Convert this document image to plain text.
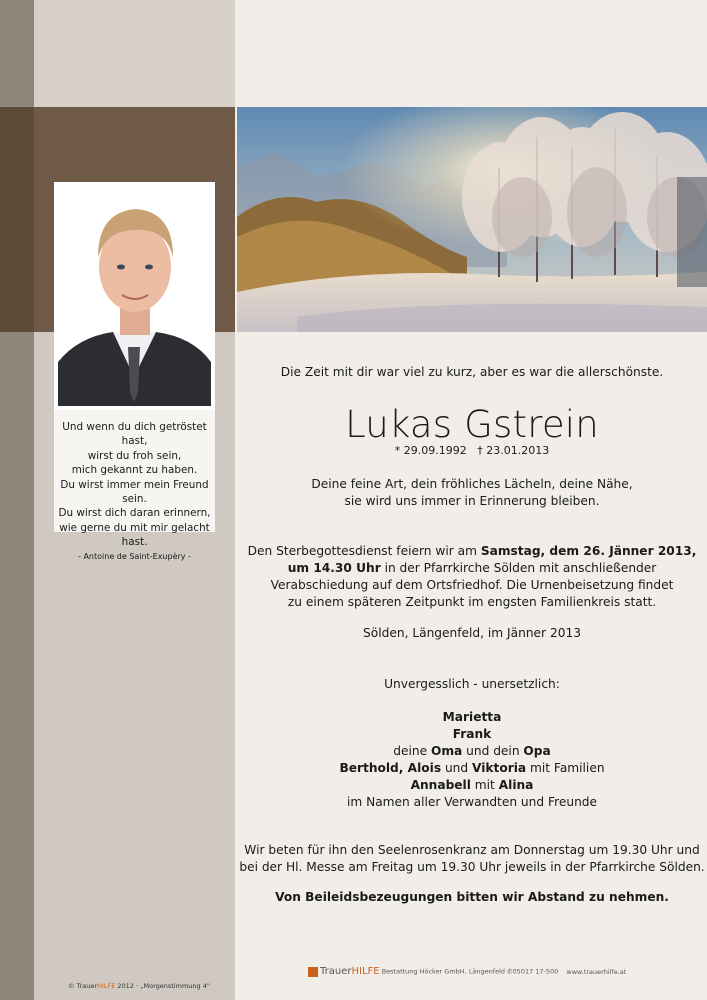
Und wenn du dich getröstet hast,
wirst du froh sein,
mich gekannt zu haben.
Du wirst immer mein Freund sein.
Du wirst dich daran erinnern,
wie gerne du mit mir gelacht hast.
- Antoine de Saint-Exupèry -
Die Zeit mit dir war viel zu kurz, aber es war die allerschönste.
Lukas Gstrein
* 29.09.1992   † 23.01.2013
Deine feine Art, dein fröhliches Lächeln, deine Nähe,
sie wird uns immer in Erinnerung bleiben.
Den Sterbegottesdienst feiern wir am Samstag, dem 26. Jänner 2013,
um 14.30 Uhr in der Pfarrkirche Sölden mit anschließender
Verabschiedung auf dem Ortsfriedhof. Die Urnenbeisetzung findet
zu einem späteren Zeitpunkt im engsten Familienkreis statt.
Sölden, Längenfeld, im Jänner 2013
Unvergesslich - unersetzlich:
Marietta
Frank
deine Oma und dein Opa
Berthold, Alois und Viktoria mit Familien
Annabell mit Alina
im Namen aller Verwandten und Freunde
Wir beten für ihn den Seelenrosenkranz am Donnerstag um 19.30 Uhr und
bei der Hl. Messe am Freitag um 19.30 Uhr jeweils in der Pfarrkirche Sölden.
Von Beileidsbezeugungen bitten wir Abstand zu nehmen.
© TrauerHILFE 2012 · „Morgenstimmung 4"
TrauerHILFE Bestattung Höcker GmbH, Längenfeld ✆05017 17-500 www.trauerhilfe.at
